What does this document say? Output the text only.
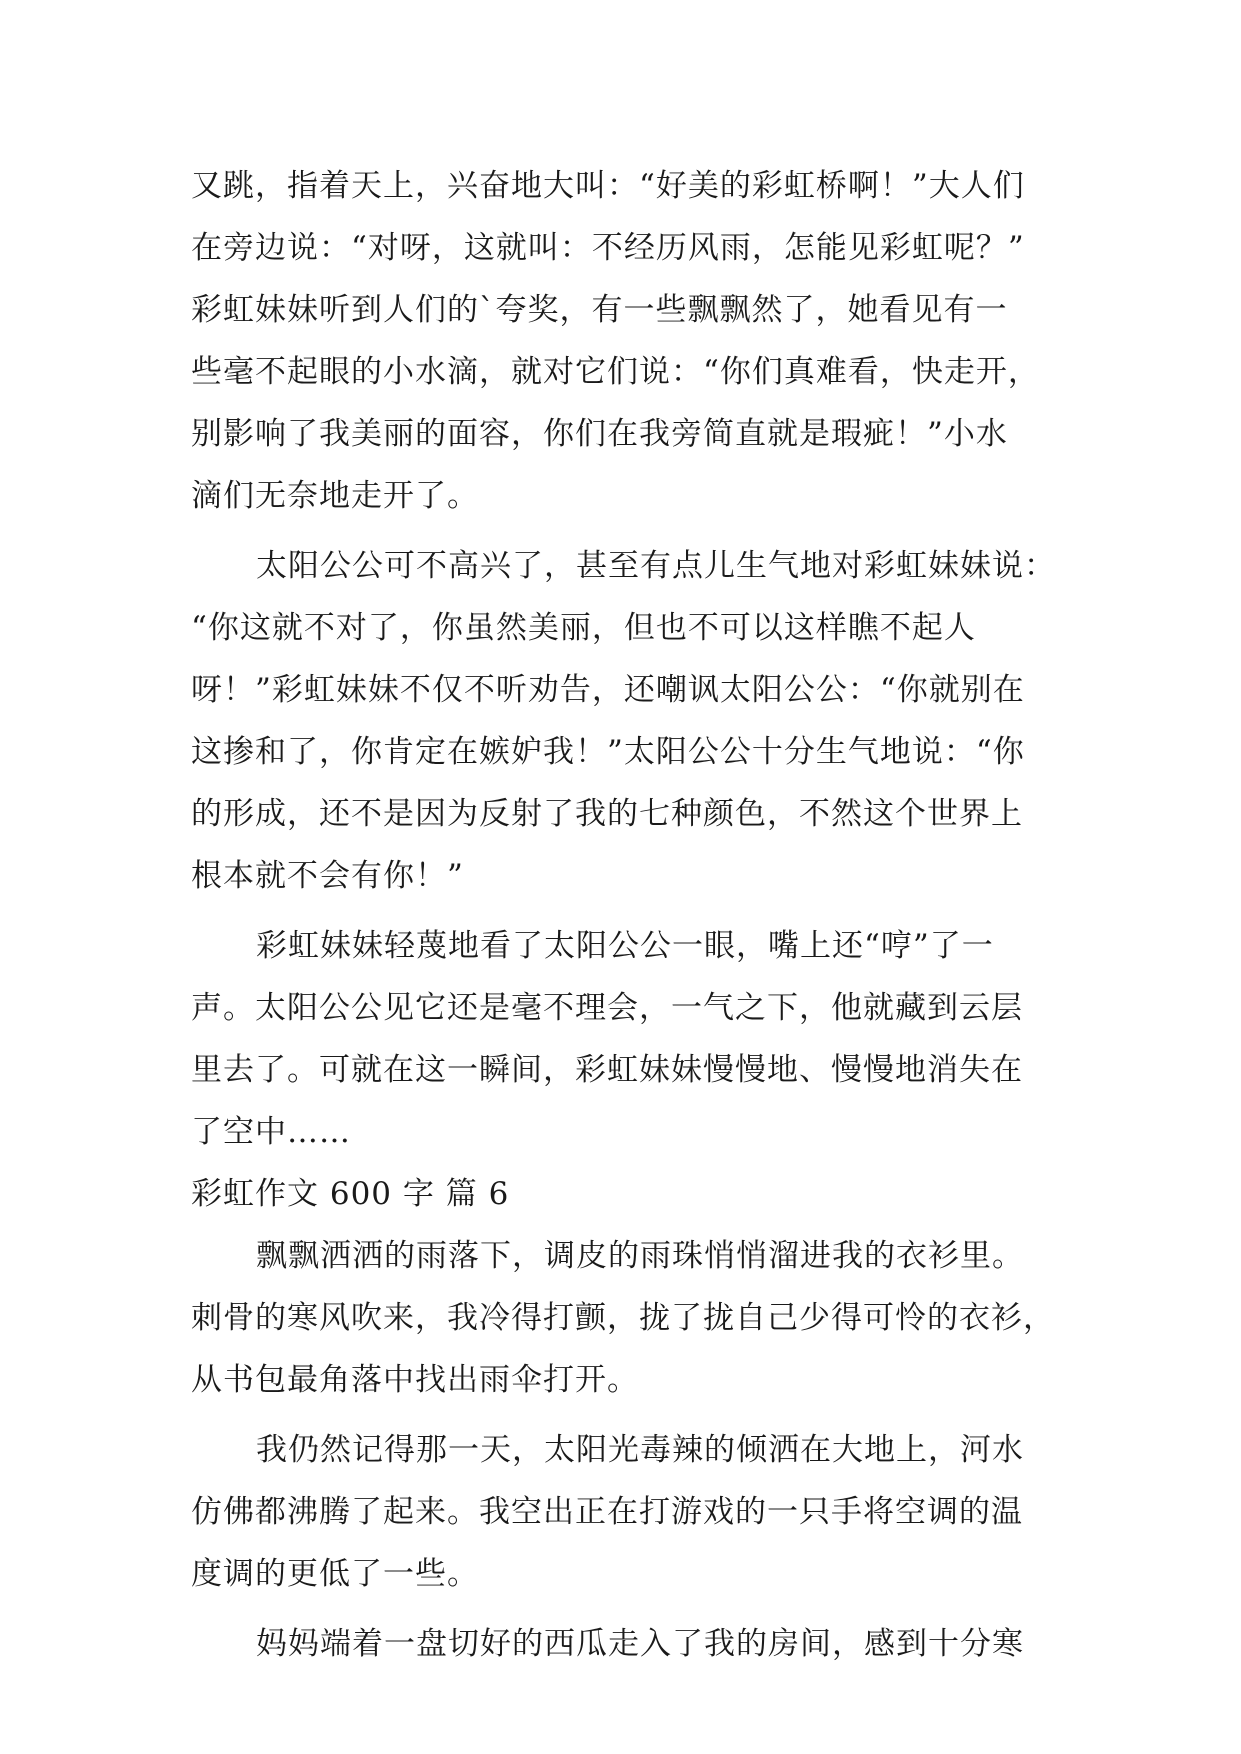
又跳，指着天上，兴奋地大叫：“好美的彩虹桥啊！”大人们
在旁边说：“对呀，这就叫：不经历风雨，怎能见彩虹呢？”
彩虹妹妹听到人们的`夸奖，有一些飘飘然了，她看见有一
些毫不起眼的小水滴，就对它们说：“你们真难看，快走开，
别影响了我美丽的面容，你们在我旁简直就是瑕疵！”小水
滴们无奈地走开了。
太阳公公可不高兴了，甚至有点儿生气地对彩虹妹妹说：
“你这就不对了，你虽然美丽，但也不可以这样瞧不起人
呀！”彩虹妹妹不仅不听劝告，还嘲讽太阳公公：“你就别在
这掺和了，你肯定在嫉妒我！”太阳公公十分生气地说：“你
的形成，还不是因为反射了我的七种颜色，不然这个世界上
根本就不会有你！”
彩虹妹妹轻蔑地看了太阳公公一眼，嘴上还“哼”了一
声。太阳公公见它还是毫不理会，一气之下，他就藏到云层
里去了。可就在这一瞬间，彩虹妹妹慢慢地、慢慢地消失在
了空中……
彩虹作文 600 字 篇 6
飘飘洒洒的雨落下，调皮的雨珠悄悄溜进我的衣衫里。
刺骨的寒风吹来，我冷得打颤，拢了拢自己少得可怜的衣衫，
从书包最角落中找出雨伞打开。
我仍然记得那一天，太阳光毒辣的倾洒在大地上，河水
仿佛都沸腾了起来。我空出正在打游戏的一只手将空调的温
度调的更低了一些。
妈妈端着一盘切好的西瓜走入了我的房间，感到十分寒
